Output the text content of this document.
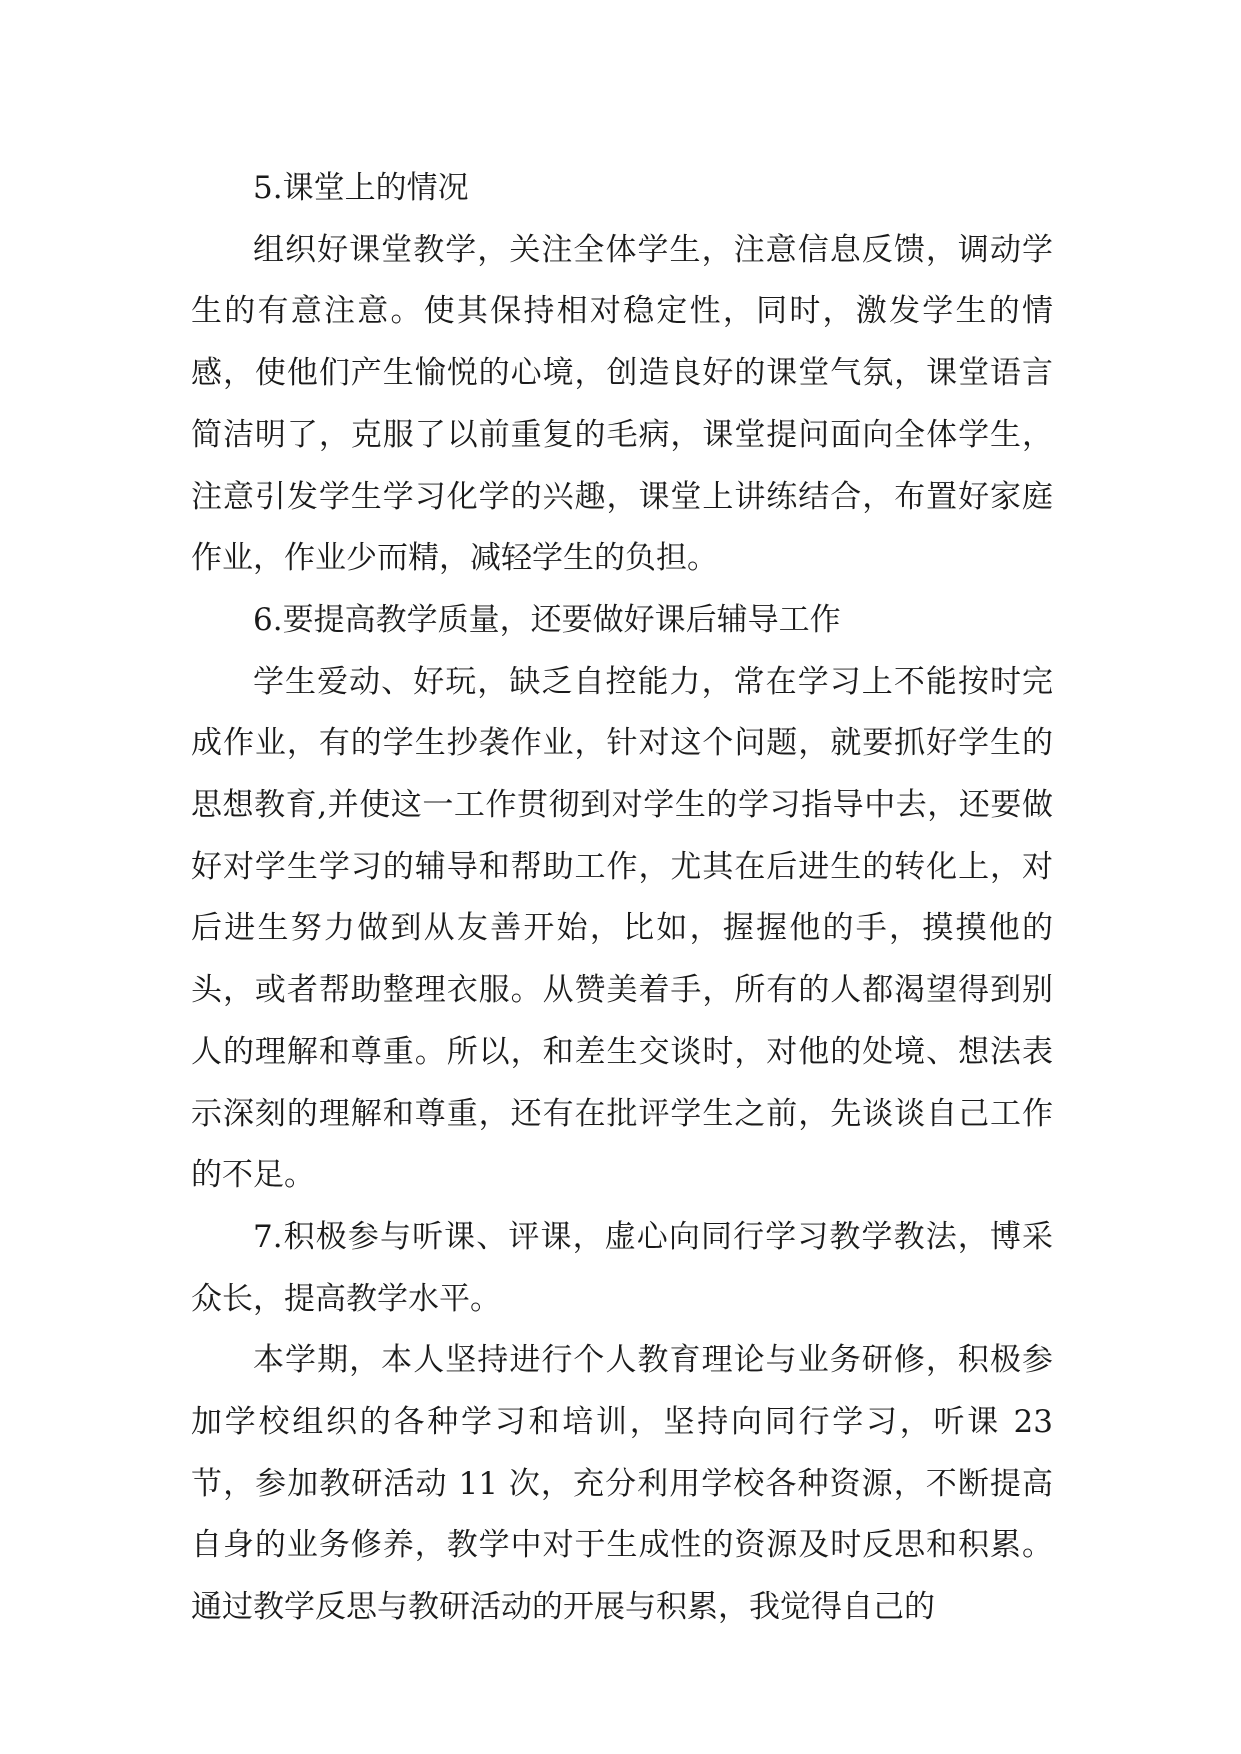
5.课堂上的情况

组织好课堂教学，关注全体学生，注意信息反馈，调动学生的有意注意。使其保持相对稳定性，同时，激发学生的情感，使他们产生愉悦的心境，创造良好的课堂气氛，课堂语言简洁明了，克服了以前重复的毛病，课堂提问面向全体学生，注意引发学生学习化学的兴趣，课堂上讲练结合，布置好家庭作业，作业少而精，减轻学生的负担。

6.要提高教学质量，还要做好课后辅导工作

学生爱动、好玩，缺乏自控能力，常在学习上不能按时完成作业，有的学生抄袭作业，针对这个问题，就要抓好学生的思想教育,并使这一工作贯彻到对学生的学习指导中去，还要做好对学生学习的辅导和帮助工作，尤其在后进生的转化上，对后进生努力做到从友善开始，比如，握握他的手，摸摸他的头，或者帮助整理衣服。从赞美着手，所有的人都渴望得到别人的理解和尊重。所以，和差生交谈时，对他的处境、想法表示深刻的理解和尊重，还有在批评学生之前，先谈谈自己工作的不足。

7.积极参与听课、评课，虚心向同行学习教学教法，博采众长，提高教学水平。

本学期，本人坚持进行个人教育理论与业务研修，积极参加学校组织的各种学习和培训，坚持向同行学习，听课 23 节，参加教研活动 11 次，充分利用学校各种资源，不断提高自身的业务修养，教学中对于生成性的资源及时反思和积累。通过教学反思与教研活动的开展与积累，我觉得自己的
